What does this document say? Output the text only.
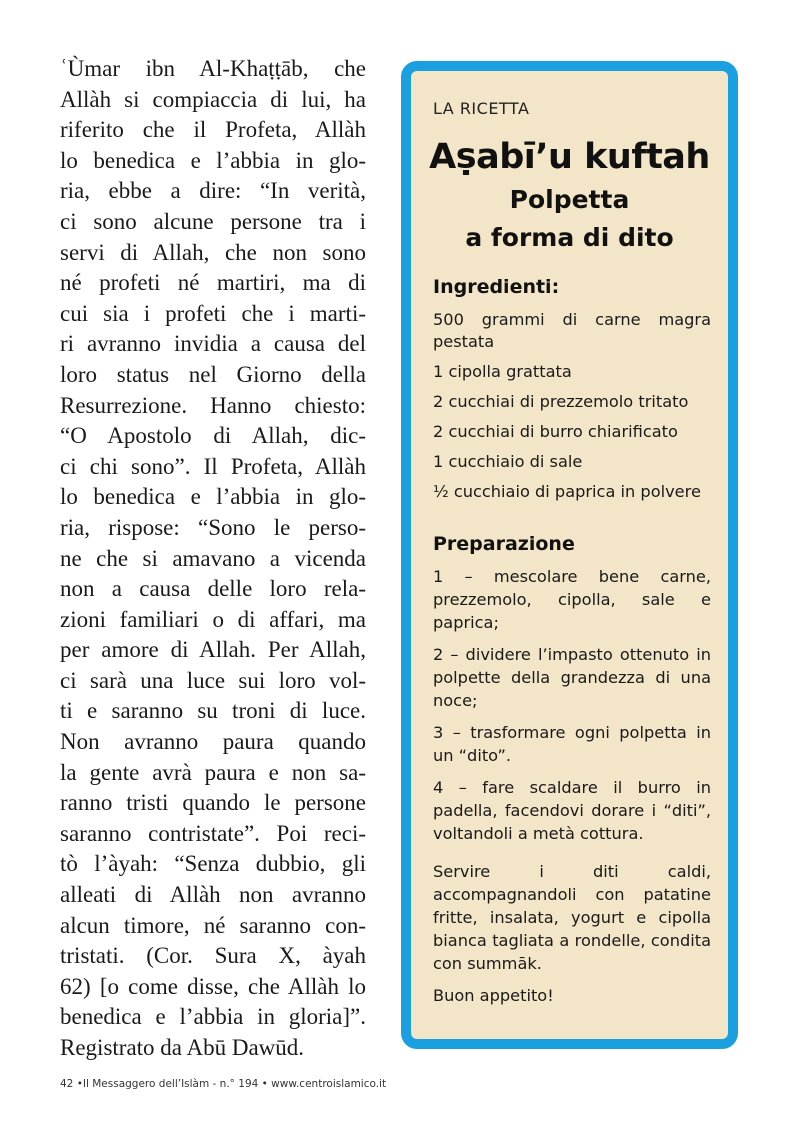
ʿÙmar ibn Al-Khaṭṭāb, che
Allàh si compiaccia di lui, ha
riferito che il Profeta, Allàh
lo benedica e l’abbia in glo-
ria, ebbe a dire: “In verità,
ci sono alcune persone tra i
servi di Allah, che non sono
né profeti né martiri, ma di
cui sia i profeti che i marti-
ri avranno invidia a causa del
loro status nel Giorno della
Resurrezione. Hanno chiesto:
“O Apostolo di Allah, dic-
ci chi sono”. Il Profeta, Allàh
lo benedica e l’abbia in glo-
ria, rispose: “Sono le perso-
ne che si amavano a vicenda
non a causa delle loro rela-
zioni familiari o di affari, ma
per amore di Allah. Per Allah,
ci sarà una luce sui loro vol-
ti e saranno su troni di luce.
Non avranno paura quando
la gente avrà paura e non sa-
ranno tristi quando le persone
saranno contristate”. Poi reci-
tò l’àyah: “Senza dubbio, gli
alleati di Allàh non avranno
alcun timore, né saranno con-
tristati. (Cor. Sura X, àyah
62) [o come disse, che Allàh lo
benedica e l’abbia in gloria]”.
Registrato da Abū Dawūd.
LA RICETTA
Aṣabī’u kuftah
Polpetta
a forma di dito
Ingredienti:
500 grammi di carne magra pestata
1 cipolla grattata
2 cucchiai di prezzemolo tritato
2 cucchiai di burro chiarificato
1 cucchiaio di sale
½ cucchiaio di paprica in polvere
Preparazione

1 – mescolare bene carne, prezzemolo, cipolla, sale e paprica;

2 – dividere l’impasto ottenuto in polpette della grandezza di una noce;

3 – trasformare ogni polpetta in un “dito”.

4 – fare scaldare il burro in padella, facendovi dorare i “diti”, voltandoli a metà cottura.

Servire i diti caldi, accompagnandoli con patatine fritte, insalata, yogurt e cipolla bianca tagliata a rondelle, condita con summāk.

Buon appetito!

42 •Il Messaggero dell’Islàm - n.° 194 • www.centroislamico.it
